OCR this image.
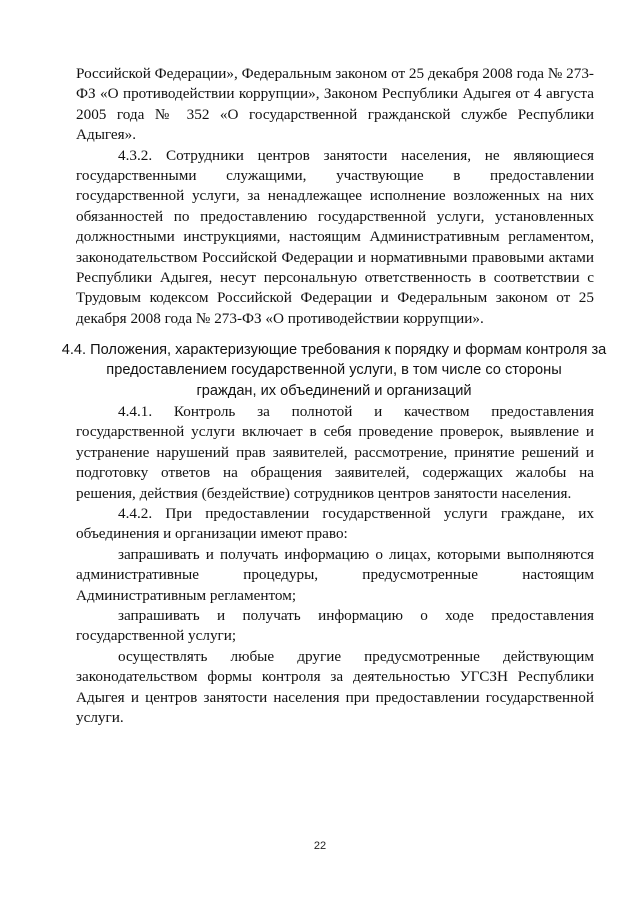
Российской Федерации», Федеральным законом от 25 декабря 2008 года № 273-ФЗ «О противодействии коррупции», Законом Республики Адыгея от 4 августа 2005 года № 352 «О государственной гражданской службе Республики Адыгея».

4.3.2. Сотрудники центров занятости населения, не являющиеся государственными служащими, участвующие в предоставлении государственной услуги, за ненадлежащее исполнение возложенных на них обязанностей по предоставлению государственной услуги, установленных должностными инструкциями, настоящим Административным регламентом, законодательством Российской Федерации и нормативными правовыми актами Республики Адыгея, несут персональную ответственность в соответствии с Трудовым кодексом Российской Федерации и Федеральным законом от 25 декабря 2008 года № 273-ФЗ «О противодействии коррупции».

4.4. Положения, характеризующие требования к порядку и формам контроля за
предоставлением государственной услуги, в том числе со стороны
граждан, их объединений и организаций

4.4.1. Контроль за полнотой и качеством предоставления государственной услуги включает в себя проведение проверок, выявление и устранение нарушений прав заявителей, рассмотрение, принятие решений и подготовку ответов на обращения заявителей, содержащих жалобы на решения, действия (бездействие) сотрудников центров занятости населения.

4.4.2. При предоставлении государственной услуги граждане, их объединения и организации имеют право:

запрашивать и получать информацию о лицах, которыми выполняются административные процедуры, предусмотренные настоящим Административным регламентом;

запрашивать и получать информацию о ходе предоставления государственной услуги;

осуществлять любые другие предусмотренные действующим законодательством формы контроля за деятельностью УГСЗН Республики Адыгея и центров занятости населения при предоставлении государственной услуги.

22
